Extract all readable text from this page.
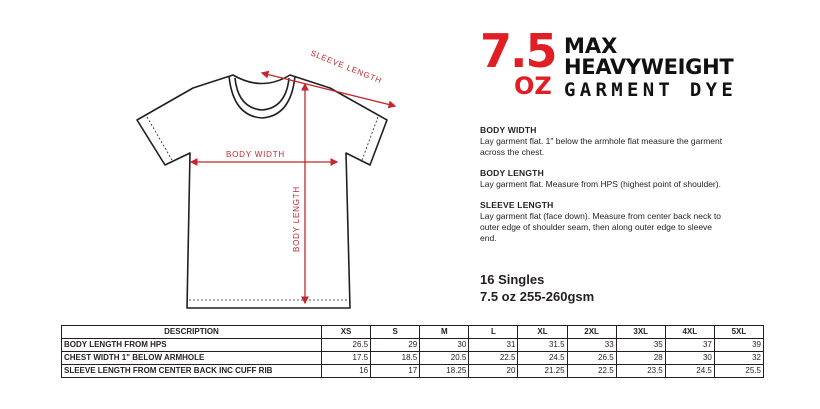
SLEEVE LENGTH
BODY WIDTH
BODY LENGTH
7.5
OZ
MAX
HEAVYWEIGHT
GARMENT DYE
BODY WIDTH

Lay garment flat. 1" below the armhole flat measure the garment across the chest.

BODY LENGTH

Lay garment flat. Measure from HPS (highest point of shoulder).

SLEEVE LENGTH

Lay garment flat (face down). Measure from center back neck to outer edge of shoulder seam, then along outer edge to sleeve end.

16 Singles
7.5 oz 255-260gsm
DESCRIPTION	XS	S	M	L	XL	2XL	3XL	4XL	5XL
BODY LENGTH FROM HPS	26.5	29	30	31	31.5	33	35	37	39
CHEST WIDTH 1" BELOW ARMHOLE	17.5	18.5	20.5	22.5	24.5	26.5	28	30	32
SLEEVE LENGTH FROM CENTER BACK INC CUFF RIB	16	17	18.25	20	21.25	22.5	23.5	24.5	25.5
